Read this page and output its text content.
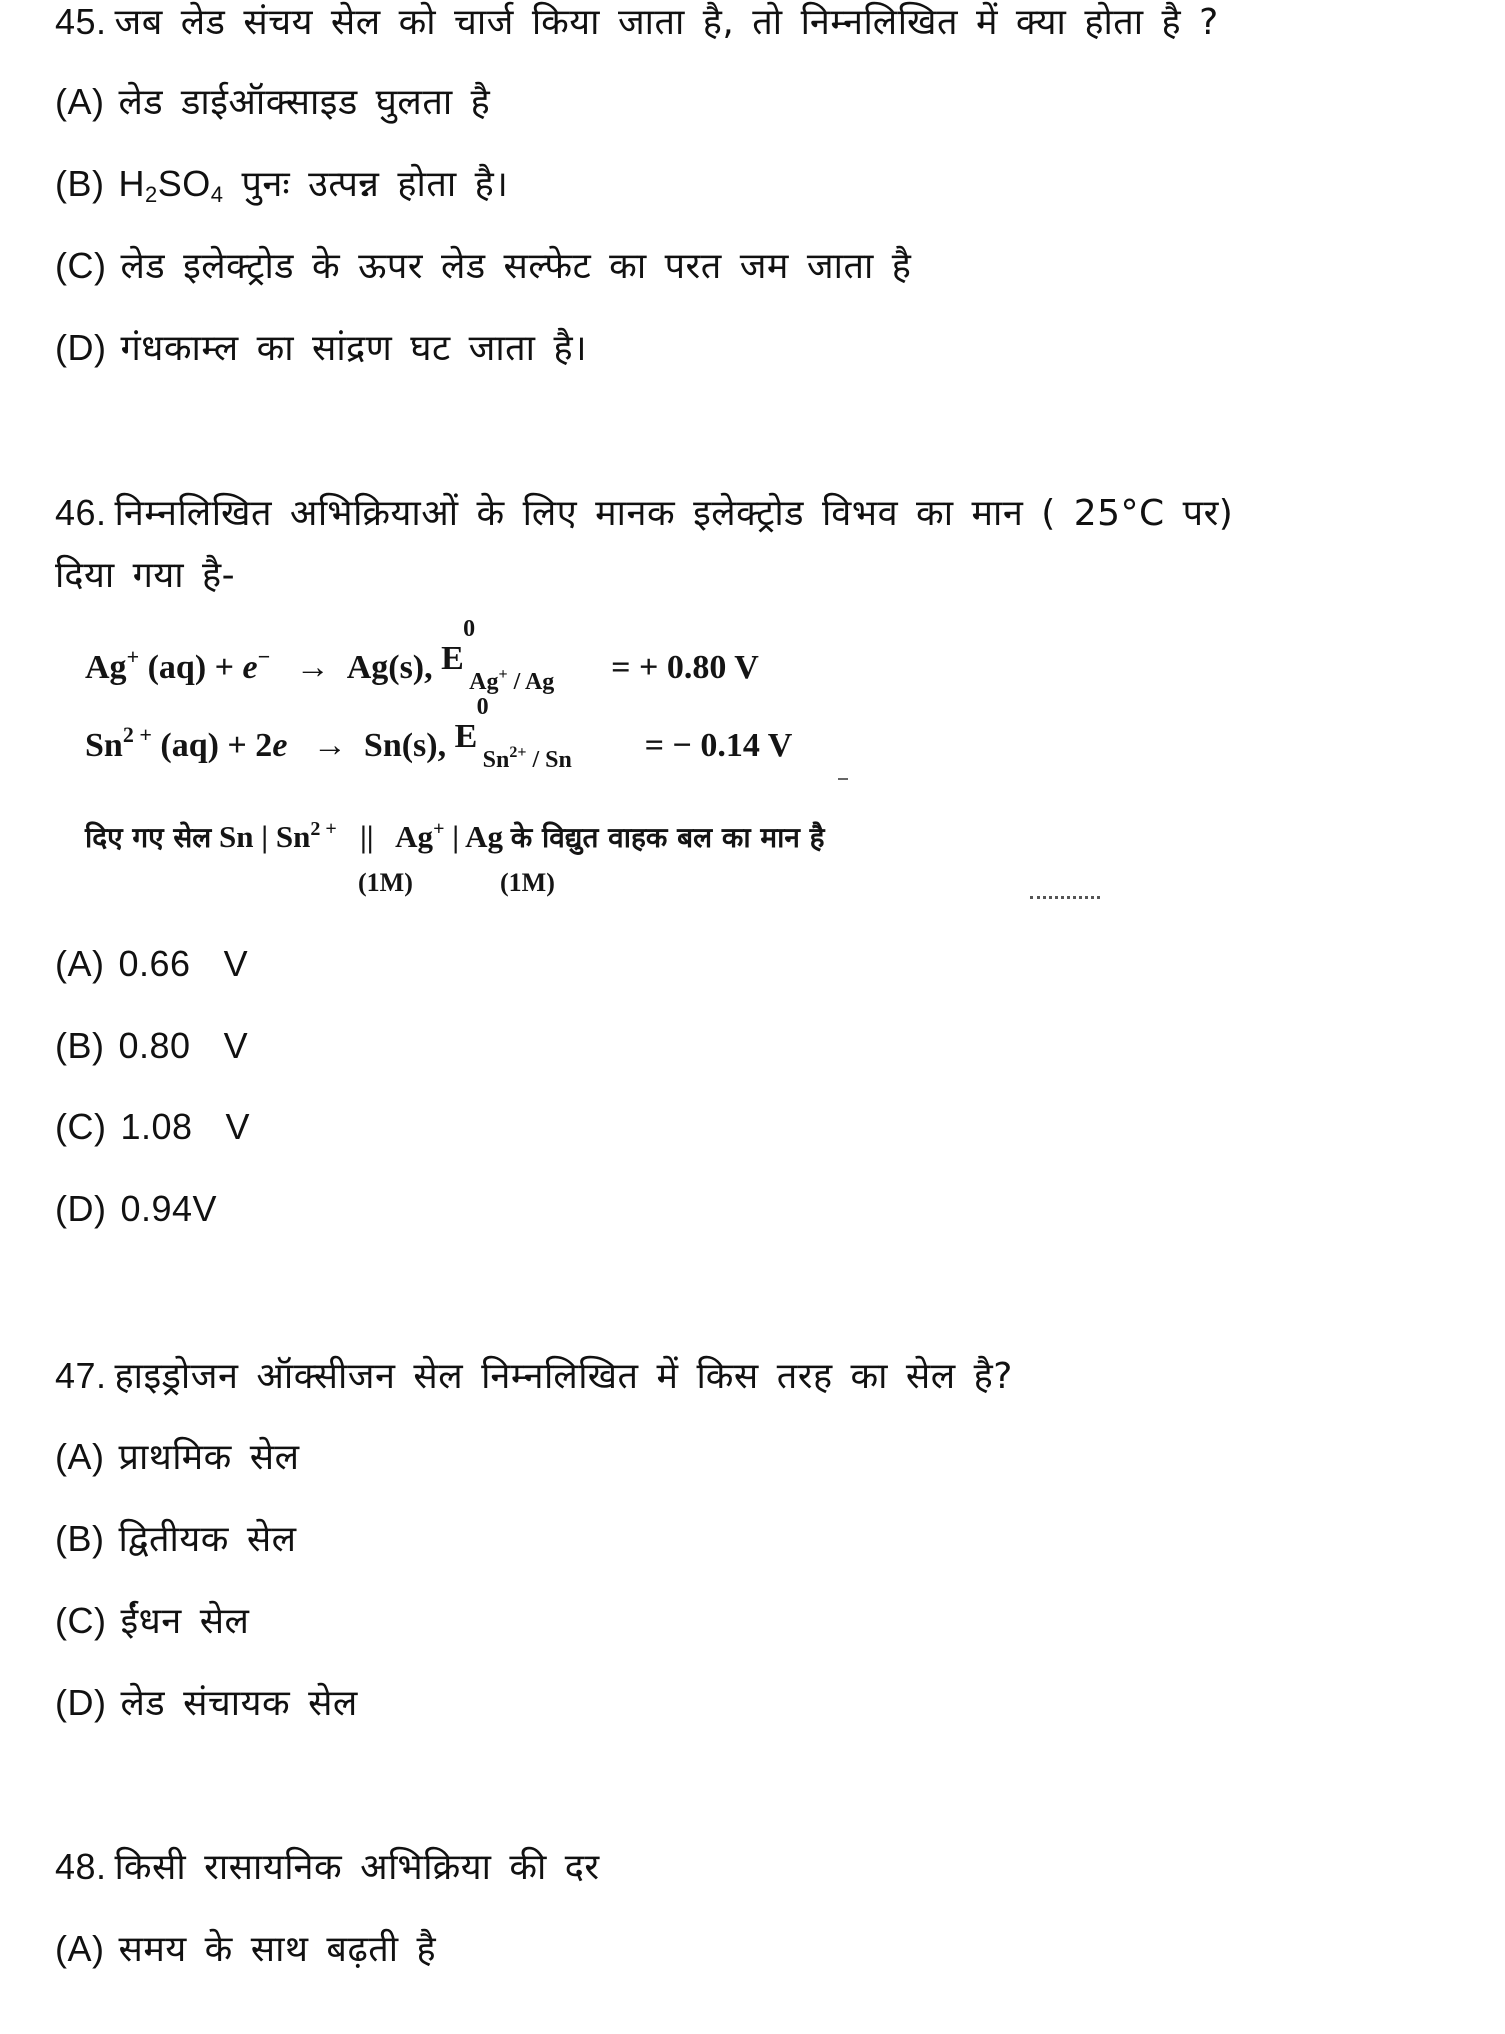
45. जब लेड संचय सेल को चार्ज किया जाता है, तो निम्नलिखित में क्या होता है ?
(A) लेड डाईऑक्साइड घुलता है
(B) $H_2SO_4$ पुनः उत्पन्न होता है।
(C) लेड इलेक्ट्रोड के ऊपर लेड सल्फेट का परत जम जाता है
(D) गंधकाम्ल का सांद्रण घट जाता है।
46. निम्नलिखित अभिक्रियाओं के लिए मानक इलेक्ट्रोड विभव का मान ( 25°C पर)
दिया गया है-
Ag+ (aq) + e− → Ag(s), E
0
Ag+ / Ag = + 0.80 V
$Sn^{2 +}$ (aq) + 2e → Sn(s), E
0
$Sn^{2+}$ / Sn = − 0.14 V
दिए गए सेल Sn | $Sn^{2 +}$ || Ag+ | Ag के विद्युत वाहक बल का मान है
(1M)	(1M)
(A) 0.66  V
(B) 0.80  V
(C) 1.08  V
(D) 0.94V
47. हाइड्रोजन ऑक्सीजन सेल निम्नलिखित में किस तरह का सेल है?
(A) प्राथमिक सेल
(B) द्वितीयक सेल
(C) ईंधन सेल
(D) लेड संचायक सेल
48. किसी रासायनिक अभिक्रिया की दर
(A) समय के साथ बढ़ती है
